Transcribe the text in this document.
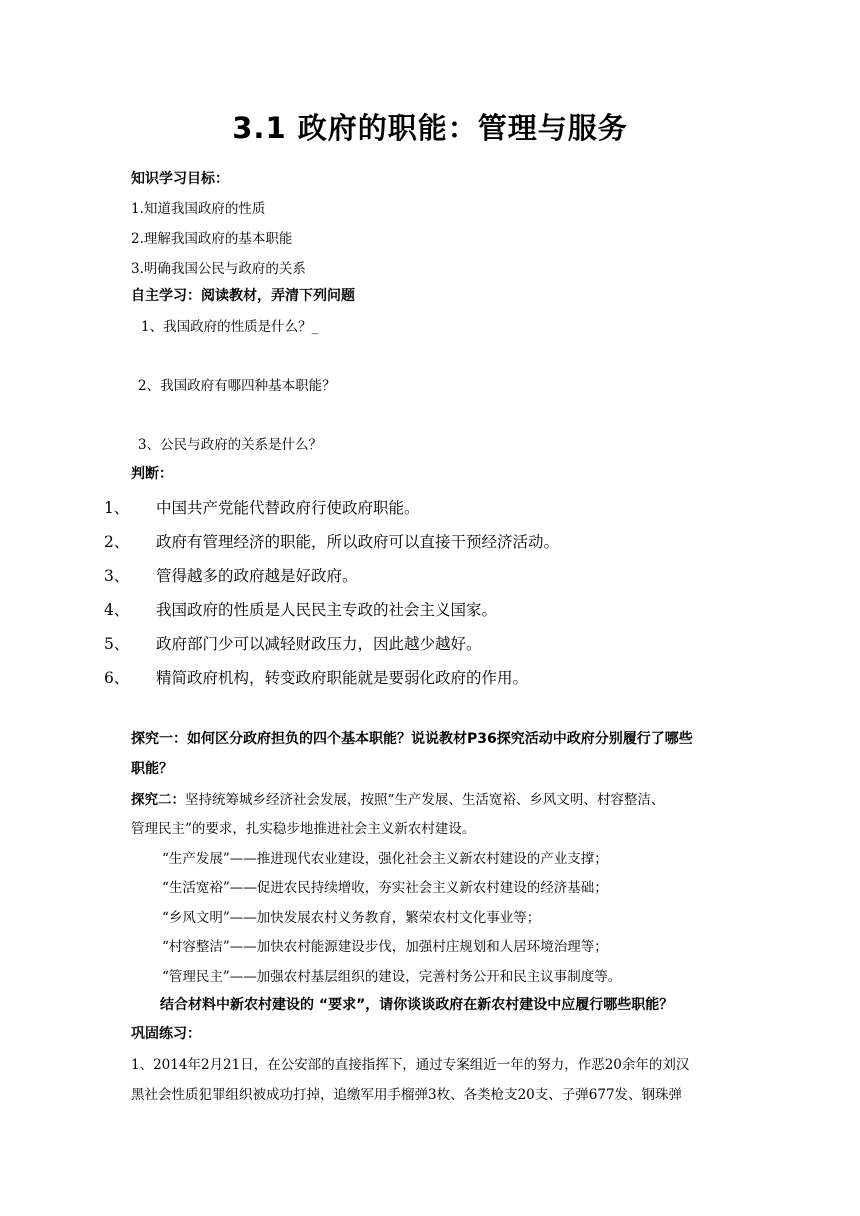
3.1 政府的职能：管理与服务
知识学习目标：
1.知道我国政府的性质
2.理解我国政府的基本职能
3.明确我国公民与政府的关系
自主学习：阅读教材，弄清下列问题
1、我国政府的性质是什么？_
2、我国政府有哪四种基本职能？
3、公民与政府的关系是什么？
判断：
1、 中国共产党能代替政府行使政府职能。
2、 政府有管理经济的职能，所以政府可以直接干预经济活动。
3、 管得越多的政府越是好政府。
4、 我国政府的性质是人民民主专政的社会主义国家。
5、 政府部门少可以减轻财政压力，因此越少越好。
6、 精简政府机构，转变政府职能就是要弱化政府的作用。
探究一：如何区分政府担负的四个基本职能？说说教材P36探究活动中政府分别履行了哪些
职能？
探究二：坚持统筹城乡经济社会发展，按照“生产发展、生活宽裕、乡风文明、村容整洁、
管理民主”的要求，扎实稳步地推进社会主义新农村建设。
“生产发展”——推进现代农业建设，强化社会主义新农村建设的产业支撑；
“生活宽裕”——促进农民持续增收，夯实社会主义新农村建设的经济基础；
“乡风文明”——加快发展农村义务教育，繁荣农村文化事业等；
“村容整洁”——加快农村能源建设步伐，加强村庄规划和人居环境治理等；
“管理民主”——加强农村基层组织的建设，完善村务公开和民主议事制度等。
结合材料中新农村建设的 “要求”，请你谈谈政府在新农村建设中应履行哪些职能？
巩固练习：
1、2014年2月21日，在公安部的直接指挥下，通过专案组近一年的努力，作恶20余年的刘汉
黑社会性质犯罪组织被成功打掉，追缴军用手榴弹3枚、各类枪支20支、子弹677发、钢珠弹
